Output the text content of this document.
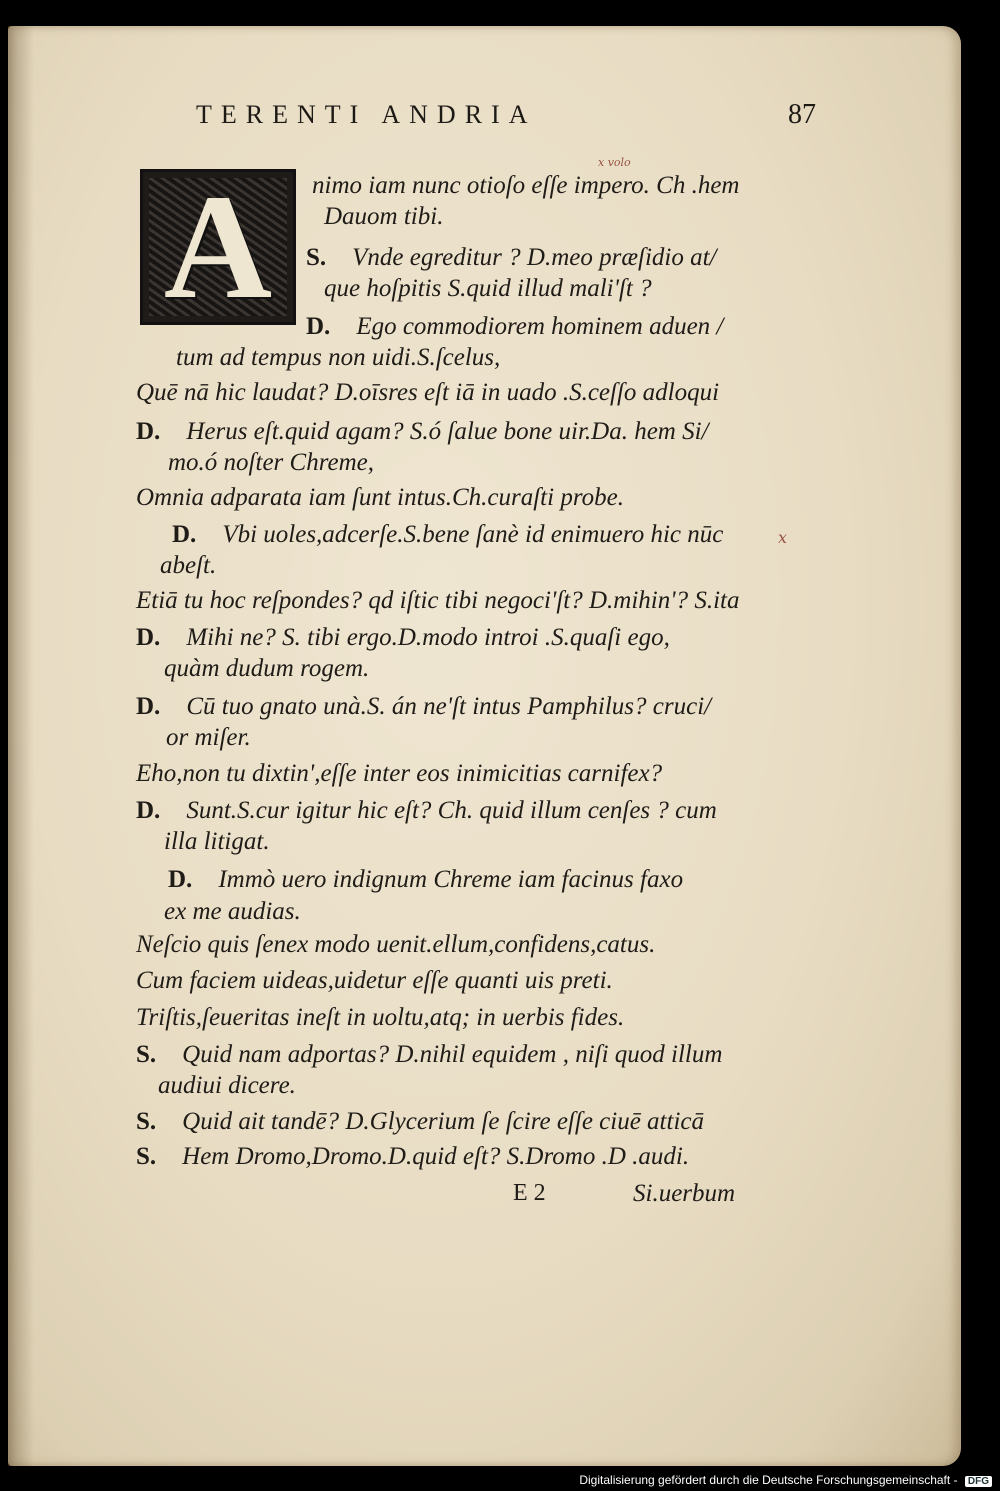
TERENTI ANDRIA	87
A
x volo
x
nimo iam nunc otioſo eſſe impero. Ch .hem
Dauom tibi.
S. Vnde egreditur ? D.meo præſidio at/
que hoſpitis S.quid illud mali'ſt ?
D. Ego commodiorem hominem aduen /
tum ad tempus non uidi.S.ſcelus,
Quē nā hic laudat? D.oīsres eſt iā in uado .S.ceſſo adloqui
D. Herus eſt.quid agam? S.ó ſalue bone uir.Da. hem Si/
mo.ó noſter Chreme,
Omnia adparata iam ſunt intus.Ch.curaſti probe.
D. Vbi uoles,adcerſe.S.bene ſanè id enimuero hic nūc
abeſt.
Etiā tu hoc reſpondes? qd iſtic tibi negoci'ſt? D.mihin'? S.ita
D. Mihi ne? S. tibi ergo.D.modo introi .S.quaſi ego,
quàm dudum rogem.
D. Cū tuo gnato unà.S. án ne'ſt intus Pamphilus? cruci/
or miſer.
Eho,non tu dixtin',eſſe inter eos inimicitias carnifex?
D. Sunt.S.cur igitur hic eſt? Ch. quid illum cenſes ? cum
illa litigat.
D. Immò uero indignum Chreme iam facinus faxo
ex me audias.
Neſcio quis ſenex modo uenit.ellum,confidens,catus.
Cum faciem uideas,uidetur eſſe quanti uis preti.
Triſtis,ſeueritas ineſt in uoltu,atq; in uerbis fides.
S. Quid nam adportas? D.nihil equidem , niſi quod illum
audiui dicere.
S. Quid ait tandē? D.Glycerium ſe ſcire eſſe ciuē atticā
S. Hem Dromo,Dromo.D.quid eſt? S.Dromo .D .audi.
E 2	Si.uerbum
Digitalisierung gefördert durch die Deutsche Forschungsgemeinschaft - DFG
